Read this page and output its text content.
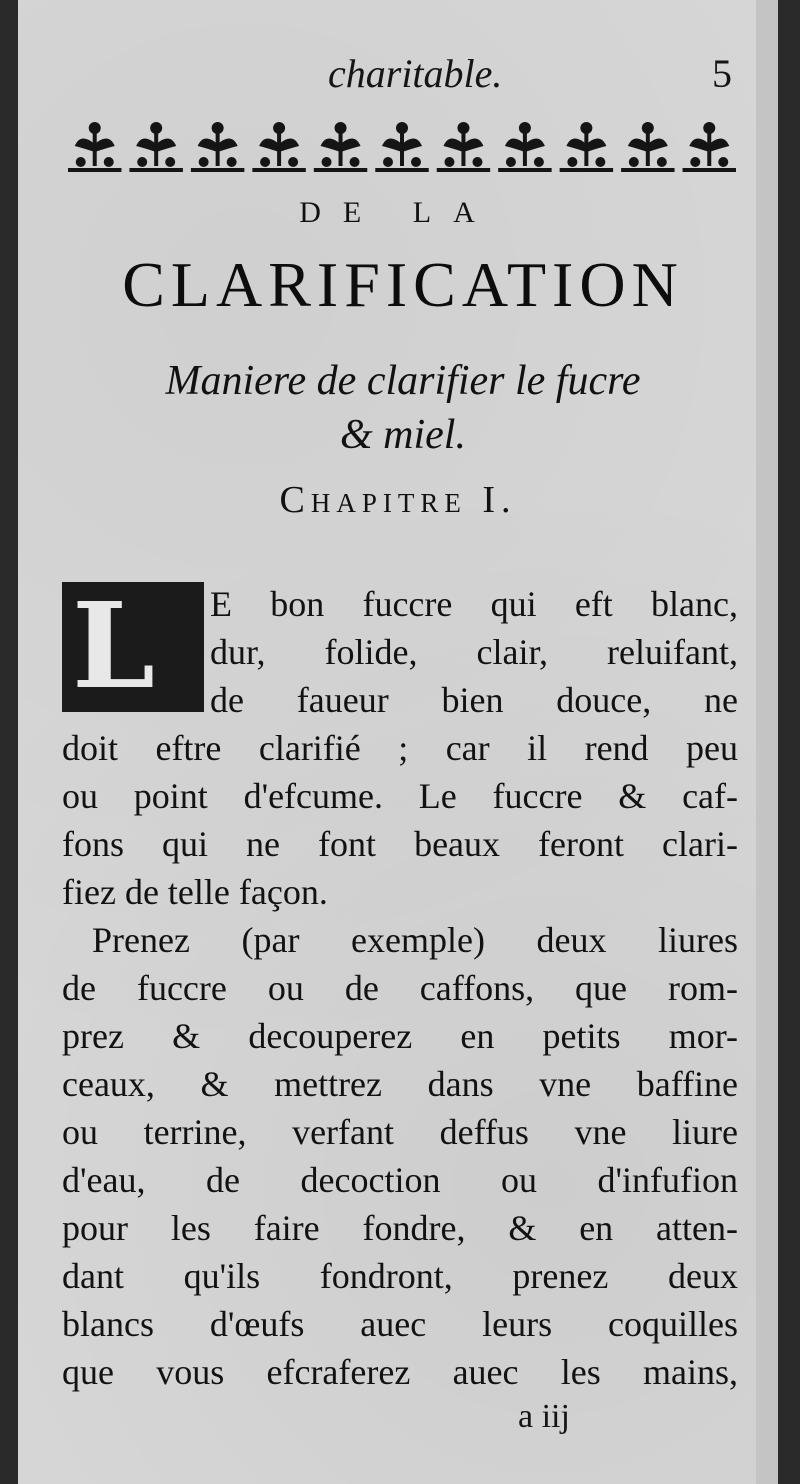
charitable.	5
DE LA
CLARIFICATION
Maniere de clarifier le fucre
& miel.
Chapitre I.
L	E bon fuccre qui eft blanc,
dur, folide, clair, reluifant,
de faueur bien douce, ne
doit eftre clarifié ; car il rend peu
ou point d'efcume. Le fuccre & caf-
fons qui ne font beaux feront clari-
fiez de telle façon.
Prenez (par exemple) deux liures
de fuccre ou de caffons, que rom-
prez & decouperez en petits mor-
ceaux, & mettrez dans vne baffine
ou terrine, verfant deffus vne liure
d'eau, de decoction ou d'infufion
pour les faire fondre, & en atten-
dant qu'ils fondront, prenez deux
blancs d'œufs auec leurs coquilles
que vous efcraferez auec les mains,
a iij
